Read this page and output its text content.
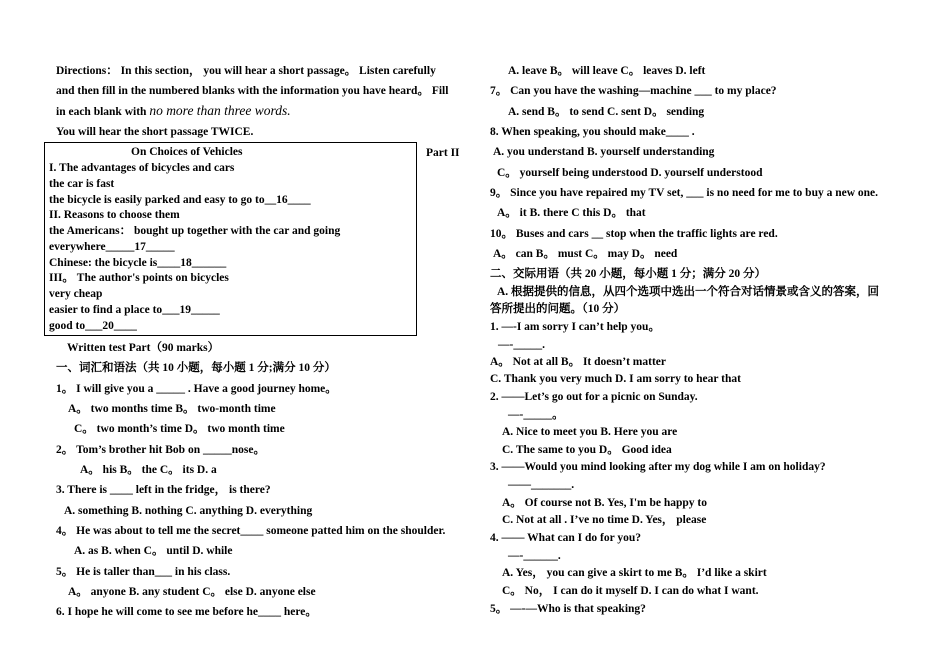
Directions： In this section， you will hear a short passage。 Listen carefully
and then fill in the numbered blanks with the information you have heard。 Fill
in each blank with no more than three words.
You will hear the short passage TWICE.
On Choices of Vehicles
I. The advantages of bicycles and cars
the car is fast
the bicycle is easily parked and easy to go to__16____
II. Reasons to choose them
the Americans： bought up together with the car and going
everywhere_____17_____
Chinese: the bicycle is____18______
III。 The author's points on bicycles
very cheap
easier to find a place to___19_____
good to___20____
Part II
Written test Part（90 marks）
一、词汇和语法（共 10 小题，每小题 1 分;满分 10 分）
1。 I will give you a _____ . Have a good journey home。
A。 two months time B。 two-month time
C。 two month’s time D。 two month time
2。 Tom’s brother hit Bob on _____nose。
A。 his B。 the C。 its D. a
3. There is ____ left in the fridge， is there?
A. something B. nothing C. anything D. everything
4。 He was about to tell me the secret____ someone patted him on the shoulder.
A. as B. when C。 until D. while
5。 He is taller than___ in his class.
A。 anyone B. any student C。 else D. anyone else
6. I hope he will come to see me before he____ here。
A. leave B。 will leave C。 leaves D. left
7。 Can you have the washing—machine ___ to my place?
A. send B。 to send C. sent D。 sending
8. When speaking, you should make____ .
A. you understand B. yourself understanding
C。 yourself being understood D. yourself understood
9。 Since you have repaired my TV set, ___ is no need for me to buy a new one.
A。 it B. there C this D。 that
10。 Buses and cars __ stop when the traffic lights are red.
A。 can B。 must C。 may D。 need
二、交际用语（共 20 小题，每小题 1 分；满分 20 分）
A. 根据提供的信息，从四个选项中选出一个符合对话情景或含义的答案，回
答所提出的问题。（10 分）
1. —-I am sorry I can’t help you。
—-_____.
A。 Not at all B。 It doesn’t matter
C. Thank you very much D. I am sorry to hear that
2. ——Let’s go out for a picnic on Sunday.
—-_____。
A. Nice to meet you B. Here you are
C. The same to you D。 Good idea
3. ——Would you mind looking after my dog while I am on holiday?
——_______.
A。 Of course not B. Yes, I'm be happy to
C. Not at all . I’ve no time D. Yes， please
4. —— What can I do for you?
—-______.
A. Yes， you can give a skirt to me B。 I’d like a skirt
C。 No， I can do it myself D. I can do what I want.
5。 —-—Who is that speaking?
